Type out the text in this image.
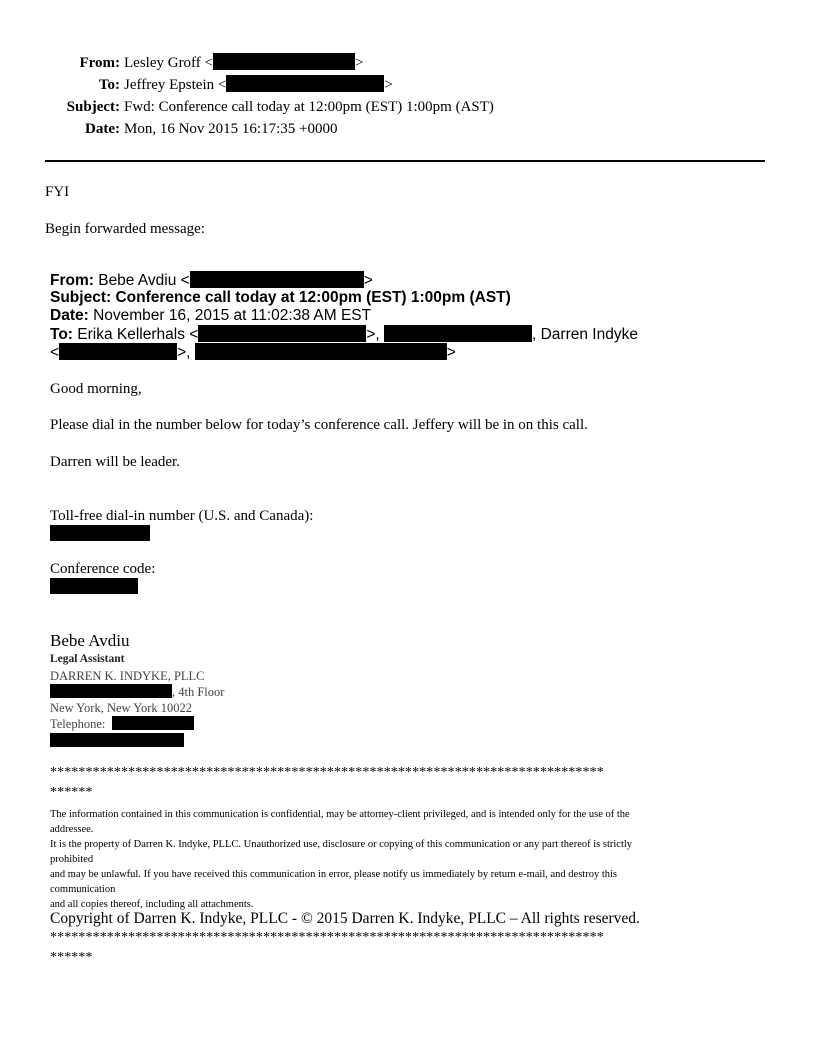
From: Lesley Groff <	>
To: Jeffrey Epstein <	>
Subject: Fwd: Conference call today at 12:00pm (EST) 1:00pm (AST)
Date: Mon, 16 Nov 2015 16:17:35 +0000
FYI
Begin forwarded message:
From: Bebe Avdiu <	>
Subject: Conference call today at 12:00pm (EST) 1:00pm (AST)
Date: November 16, 2015 at 11:02:38 AM EST
To: Erika Kellerhals <	>,	, Darren Indyke
<	>,	>
Good morning,
Please dial in the number below for today’s conference call. Jeffery will be in on this call.
Darren will be leader.
Toll-free dial-in number (U.S. and Canada):
Conference code:
Bebe Avdiu
Legal Assistant
DARREN K. INDYKE, PLLC
, 4th Floor
New York, New York 10022
Telephone:
******************************************************************************
******
The information contained in this communication is confidential, may be attorney-client privileged, and is intended only for the use of the
addressee.
It is the property of Darren K. Indyke, PLLC. Unauthorized use, disclosure or copying of this communication or any part thereof is strictly
prohibited
and may be unlawful. If you have received this communication in error, please notify us immediately by return e-mail, and destroy this
communication
and all copies thereof, including all attachments.
Copyright of Darren K. Indyke, PLLC - © 2015 Darren K. Indyke, PLLC – All rights reserved.
******************************************************************************
******
